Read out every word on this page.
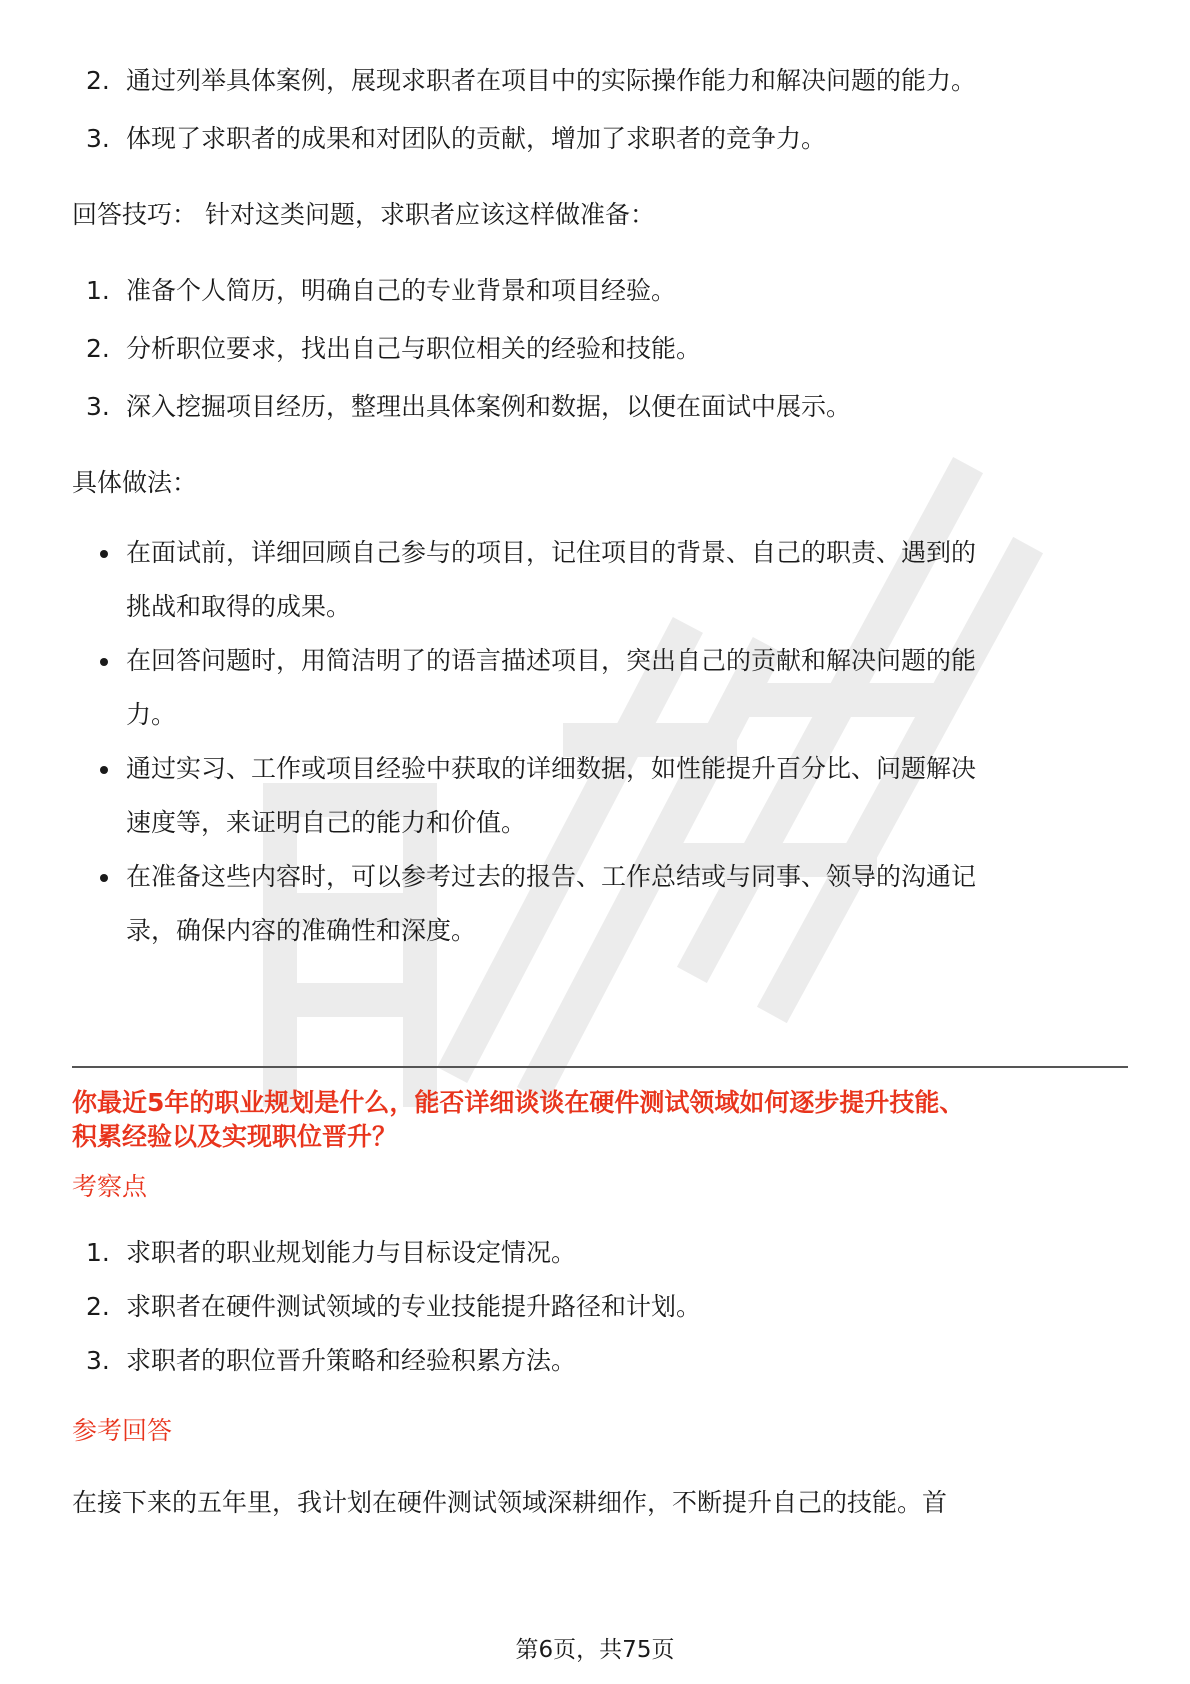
2. 通过列举具体案例，展现求职者在项目中的实际操作能力和解决问题的能力。
3. 体现了求职者的成果和对团队的贡献，增加了求职者的竞争力。

回答技巧： 针对这类问题，求职者应该这样做准备：

1. 准备个人简历，明确自己的专业背景和项目经验。
2. 分析职位要求，找出自己与职位相关的经验和技能。
3. 深入挖掘项目经历，整理出具体案例和数据，以便在面试中展示。

具体做法：

在面试前，详细回顾自己参与的项目，记住项目的背景、自己的职责、遇到的
挑战和取得的成果。
在回答问题时，用简洁明了的语言描述项目，突出自己的贡献和解决问题的能
力。
通过实习、工作或项目经验中获取的详细数据，如性能提升百分比、问题解决
速度等，来证明自己的能力和价值。
在准备这些内容时，可以参考过去的报告、工作总结或与同事、领导的沟通记
录，确保内容的准确性和深度。

你最近5年的职业规划是什么，能否详细谈谈在硬件测试领域如何逐步提升技能、
积累经验以及实现职位晋升？

考察点

1. 求职者的职业规划能力与目标设定情况。
2. 求职者在硬件测试领域的专业技能提升路径和计划。
3. 求职者的职位晋升策略和经验积累方法。

参考回答

在接下来的五年里，我计划在硬件测试领域深耕细作，不断提升自己的技能。首

第6页，共75页
